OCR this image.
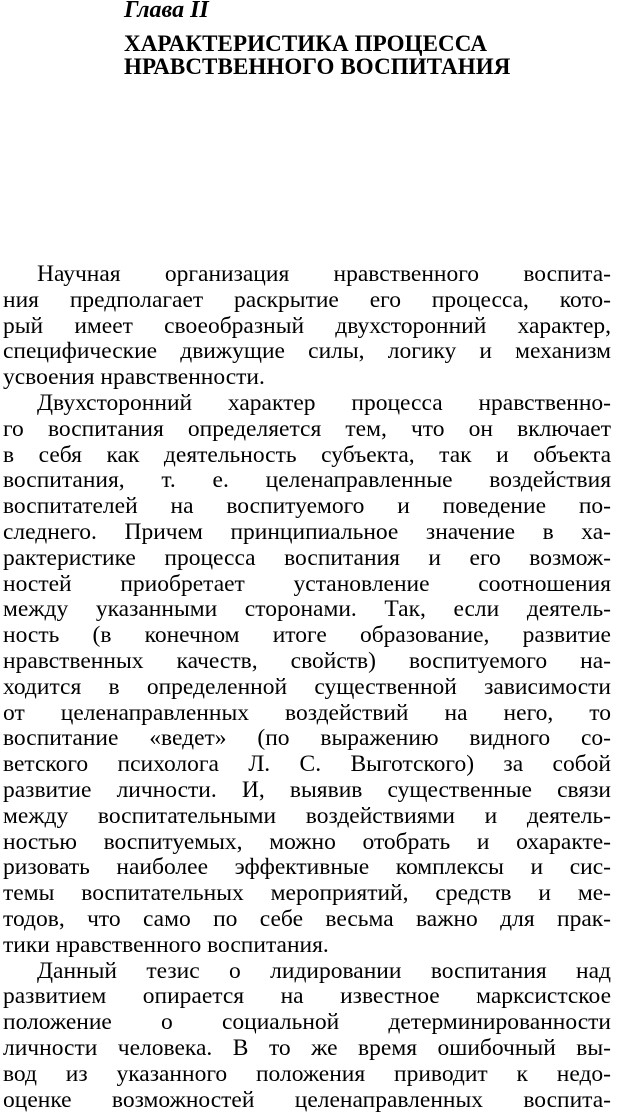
Глава II
ХАРАКТЕРИСТИКА ПРОЦЕССА
НРАВСТВЕННОГО ВОСПИТАНИЯ
Научная организация нравственного воспита-
ния предполагает раскрытие его процесса, кото-
рый имеет своеобразный двухсторонний характер,
специфические движущие силы, логику и механизм
усвоения нравственности.
Двухсторонний характер процесса нравственно-
го воспитания определяется тем, что он включает
в себя как деятельность субъекта, так и объекта
воспитания, т. е. целенаправленные воздействия
воспитателей на воспитуемого и поведение по-
следнего. Причем принципиальное значение в ха-
рактеристике процесса воспитания и его возмож-
ностей приобретает установление соотношения
между указанными сторонами. Так, если деятель-
ность (в конечном итоге образование, развитие
нравственных качеств, свойств) воспитуемого на-
ходится в определенной существенной зависимости
от целенаправленных воздействий на него, то
воспитание «ведет» (по выражению видного со-
ветского психолога Л. С. Выготского) за собой
развитие личности. И, выявив существенные связи
между воспитательными воздействиями и деятель-
ностью воспитуемых, можно отобрать и охаракте-
ризовать наиболее эффективные комплексы и сис-
темы воспитательных мероприятий, средств и ме-
тодов, что само по себе весьма важно для прак-
тики нравственного воспитания.
Данный тезис о лидировании воспитания над
развитием опирается на известное марксистское
положение о социальной детерминированности
личности человека. В то же время ошибочный вы-
вод из указанного положения приводит к недо-
оценке возможностей целенаправленных воспита-
